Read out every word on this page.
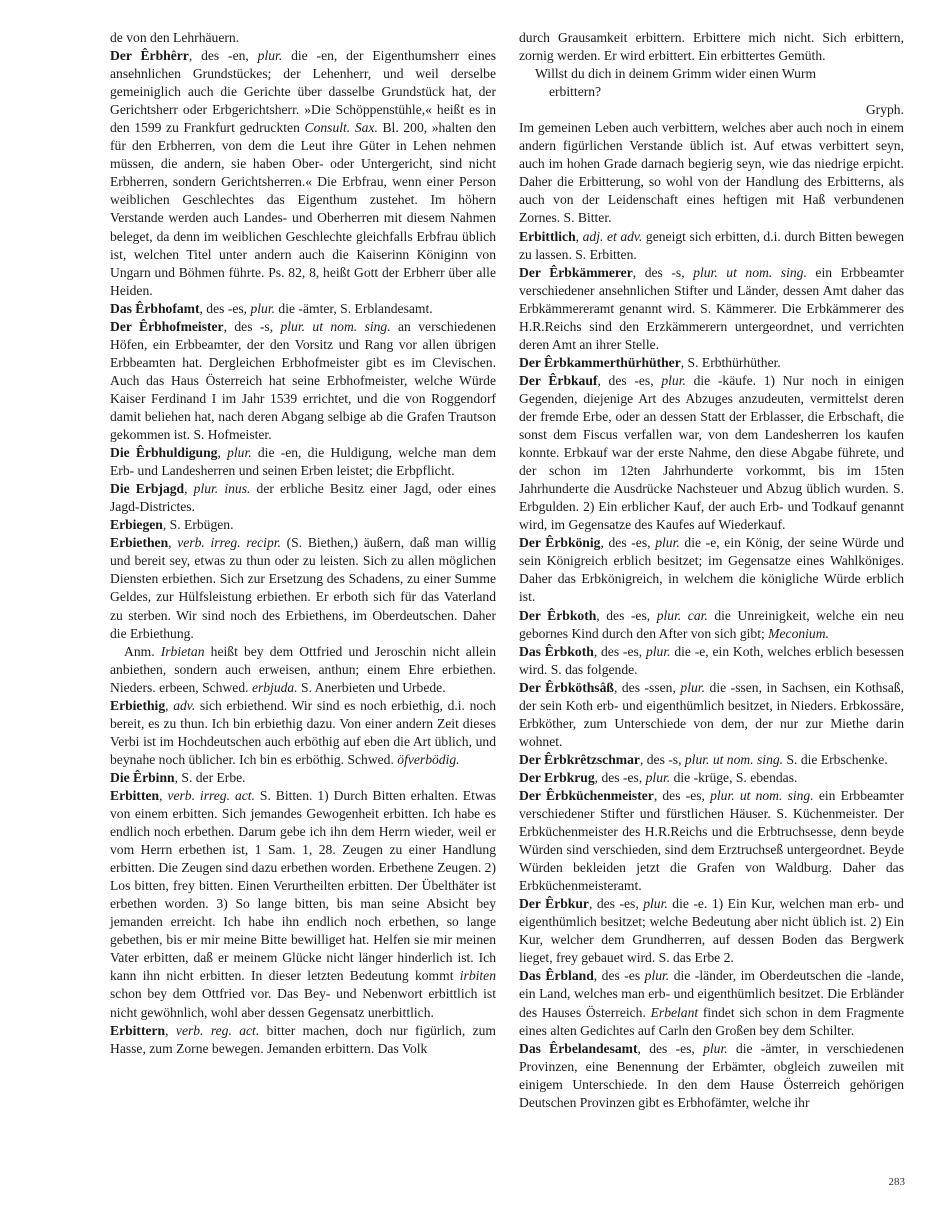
de von den Lehrhäuern.

Der Êrbhêrr, des -en, plur. die -en, der Eigenthumsherr eines ansehnlichen Grundstückes; der Lehenherr, und weil derselbe gemeiniglich auch die Gerichte über dasselbe Grundstück hat, der Gerichtsherr oder Erbgerichtsherr. »Die Schöppenstühle,« heißt es in den 1599 zu Frankfurt gedruckten Consult. Sax. Bl. 200, »halten den für den Erbherren, von dem die Leut ihre Güter in Lehen nehmen müssen, die andern, sie haben Ober- oder Untergericht, sind nicht Erbherren, sondern Gerichtsherren.« Die Erbfrau, wenn einer Person weiblichen Geschlechtes das Eigenthum zustehet. Im höhern Verstande werden auch Landes- und Oberherren mit diesem Nahmen beleget, da denn im weiblichen Geschlechte gleichfalls Erbfrau üblich ist, welchen Titel unter andern auch die Kaiserinn Königinn von Ungarn und Böhmen führte. Ps. 82, 8, heißt Gott der Erbherr über alle Heiden.

Das Êrbhofamt, des -es, plur. die -ämter, S. Erblandesamt.

Der Êrbhofmeister, des -s, plur. ut nom. sing. an verschiedenen Höfen, ein Erbbeamter, der den Vorsitz und Rang vor allen übrigen Erbbeamten hat. Dergleichen Erbhofmeister gibt es im Clevischen. Auch das Haus Österreich hat seine Erbhofmeister, welche Würde Kaiser Ferdinand I im Jahr 1539 errichtet, und die von Roggendorf damit beliehen hat, nach deren Abgang selbige ab die Grafen Trautson gekommen ist. S. Hofmeister.

Die Êrbhuldigung, plur. die -en, die Huldigung, welche man dem Erb- und Landesherren und seinen Erben leistet; die Erbpflicht.

Die Erbjagd, plur. inus. der erbliche Besitz einer Jagd, oder eines Jagd-Districtes.

Erbiegen, S. Erbügen.

Erbiethen, verb. irreg. recipr. (S. Biethen,) äußern, daß man willig und bereit sey, etwas zu thun oder zu leisten. Sich zu allen möglichen Diensten erbiethen. Sich zur Ersetzung des Schadens, zu einer Summe Geldes, zur Hülfsleistung erbiethen. Er erboth sich für das Vaterland zu sterben. Wir sind noch des Erbiethens, im Oberdeutschen. Daher die Erbiethung.

Anm. Irbietan heißt bey dem Ottfried und Jeroschin nicht allein anbiethen, sondern auch erweisen, anthun; einem Ehre erbiethen. Nieders. erbeen, Schwed. erbjuda. S. Anerbieten und Urbede.

Erbiethig, adv. sich erbiethend. Wir sind es noch erbiethig, d.i. noch bereit, es zu thun. Ich bin erbiethig dazu. Von einer andern Zeit dieses Verbi ist im Hochdeutschen auch erböthig auf eben die Art üblich, und beynahe noch üblicher. Ich bin es erböthig. Schwed. öfverbödig.

Die Êrbinn, S. der Erbe.

Erbitten, verb. irreg. act. S. Bitten. 1) Durch Bitten erhalten. Etwas von einem erbitten. Sich jemandes Gewogenheit erbitten. Ich habe es endlich noch erbethen. Darum gebe ich ihn dem Herrn wieder, weil er vom Herrn erbethen ist, 1 Sam. 1, 28. Zeugen zu einer Handlung erbitten. Die Zeugen sind dazu erbethen worden. Erbethene Zeugen. 2) Los bitten, frey bitten. Einen Verurtheilten erbitten. Der Übelthäter ist erbethen worden. 3) So lange bitten, bis man seine Absicht bey jemanden erreicht. Ich habe ihn endlich noch erbethen, so lange gebethen, bis er mir meine Bitte bewilliget hat. Helfen sie mir meinen Vater erbitten, daß er meinem Glücke nicht länger hinderlich ist. Ich kann ihn nicht erbitten. In dieser letzten Bedeutung kommt irbiten schon bey dem Ottfried vor. Das Bey- und Nebenwort erbittlich ist nicht gewöhnlich, wohl aber dessen Gegensatz unerbittlich.

Erbittern, verb. reg. act. bitter machen, doch nur figürlich, zum Hasse, zum Zorne bewegen. Jemanden erbittern. Das Volk

durch Grausamkeit erbittern. Erbittere mich nicht. Sich erbittern, zornig werden. Er wird erbittert. Ein erbittertes Gemüth.

Willst du dich in deinem Grimm wider einen Wurm

erbittern?

Gryph.

Im gemeinen Leben auch verbittern, welches aber auch noch in einem andern figürlichen Verstande üblich ist. Auf etwas verbittert seyn, auch im hohen Grade darnach begierig seyn, wie das niedrige erpicht. Daher die Erbitterung, so wohl von der Handlung des Erbitterns, als auch von der Leidenschaft eines heftigen mit Haß verbundenen Zornes. S. Bitter.

Erbittlich, adj. et adv. geneigt sich erbitten, d.i. durch Bitten bewegen zu lassen. S. Erbitten.

Der Êrbkämmerer, des -s, plur. ut nom. sing. ein Erbbeamter verschiedener ansehnlichen Stifter und Länder, dessen Amt daher das Erbkämmereramt genannt wird. S. Kämmerer. Die Erbkämmerer des H.R.Reichs sind den Erzkämmerern untergeordnet, und verrichten deren Amt an ihrer Stelle.

Der Êrbkammerthürhüther, S. Erbthürhüther.

Der Êrbkauf, des -es, plur. die -käufe. 1) Nur noch in einigen Gegenden, diejenige Art des Abzuges anzudeuten, vermittelst deren der fremde Erbe, oder an dessen Statt der Erblasser, die Erbschaft, die sonst dem Fiscus verfallen war, von dem Landesherren los kaufen konnte. Erbkauf war der erste Nahme, den diese Abgabe führete, und der schon im 12ten Jahrhunderte vorkommt, bis im 15ten Jahrhunderte die Ausdrücke Nachsteuer und Abzug üblich wurden. S. Erbgulden. 2) Ein erblicher Kauf, der auch Erb- und Todkauf genannt wird, im Gegensatze des Kaufes auf Wiederkauf.

Der Êrbkönig, des -es, plur. die -e, ein König, der seine Würde und sein Königreich erblich besitzet; im Gegensatze eines Wahlköniges. Daher das Erbkönigreich, in welchem die königliche Würde erblich ist.

Der Êrbkoth, des -es, plur. car. die Unreinigkeit, welche ein neu gebornes Kind durch den After von sich gibt; Meconium.

Das Êrbkoth, des -es, plur. die -e, ein Koth, welches erblich besessen wird. S. das folgende.

Der Êrbköthsâß, des -ssen, plur. die -ssen, in Sachsen, ein Kothsaß, der sein Koth erb- und eigenthümlich besitzet, in Nieders. Erbkossäre, Erbköther, zum Unterschiede von dem, der nur zur Miethe darin wohnet.

Der Êrbkrêtzschmar, des -s, plur. ut nom. sing. S. die Erbschenke.

Der Erbkrug, des -es, plur. die -krüge, S. ebendas.

Der Êrbküchenmeister, des -es, plur. ut nom. sing. ein Erbbeamter verschiedener Stifter und fürstlichen Häuser. S. Küchenmeister. Der Erbküchenmeister des H.R.Reichs und die Erbtruchsesse, denn beyde Würden sind verschieden, sind dem Erztruchseß untergeordnet. Beyde Würden bekleiden jetzt die Grafen von Waldburg. Daher das Erbküchenmeisteramt.

Der Êrbkur, des -es, plur. die -e. 1) Ein Kur, welchen man erb- und eigenthümlich besitzet; welche Bedeutung aber nicht üblich ist. 2) Ein Kur, welcher dem Grundherren, auf dessen Boden das Bergwerk lieget, frey gebauet wird. S. das Erbe 2.

Das Êrbland, des -es plur. die -länder, im Oberdeutschen die -lande, ein Land, welches man erb- und eigenthümlich besitzet. Die Erbländer des Hauses Österreich. Erbelant findet sich schon in dem Fragmente eines alten Gedichtes auf Carln den Großen bey dem Schilter.

Das Êrbelandesamt, des -es, plur. die -ämter, in verschiedenen Provinzen, eine Benennung der Erbämter, obgleich zuweilen mit einigem Unterschiede. In den dem Hause Österreich gehörigen Deutschen Provinzen gibt es Erbhofämter, welche ihr

283
